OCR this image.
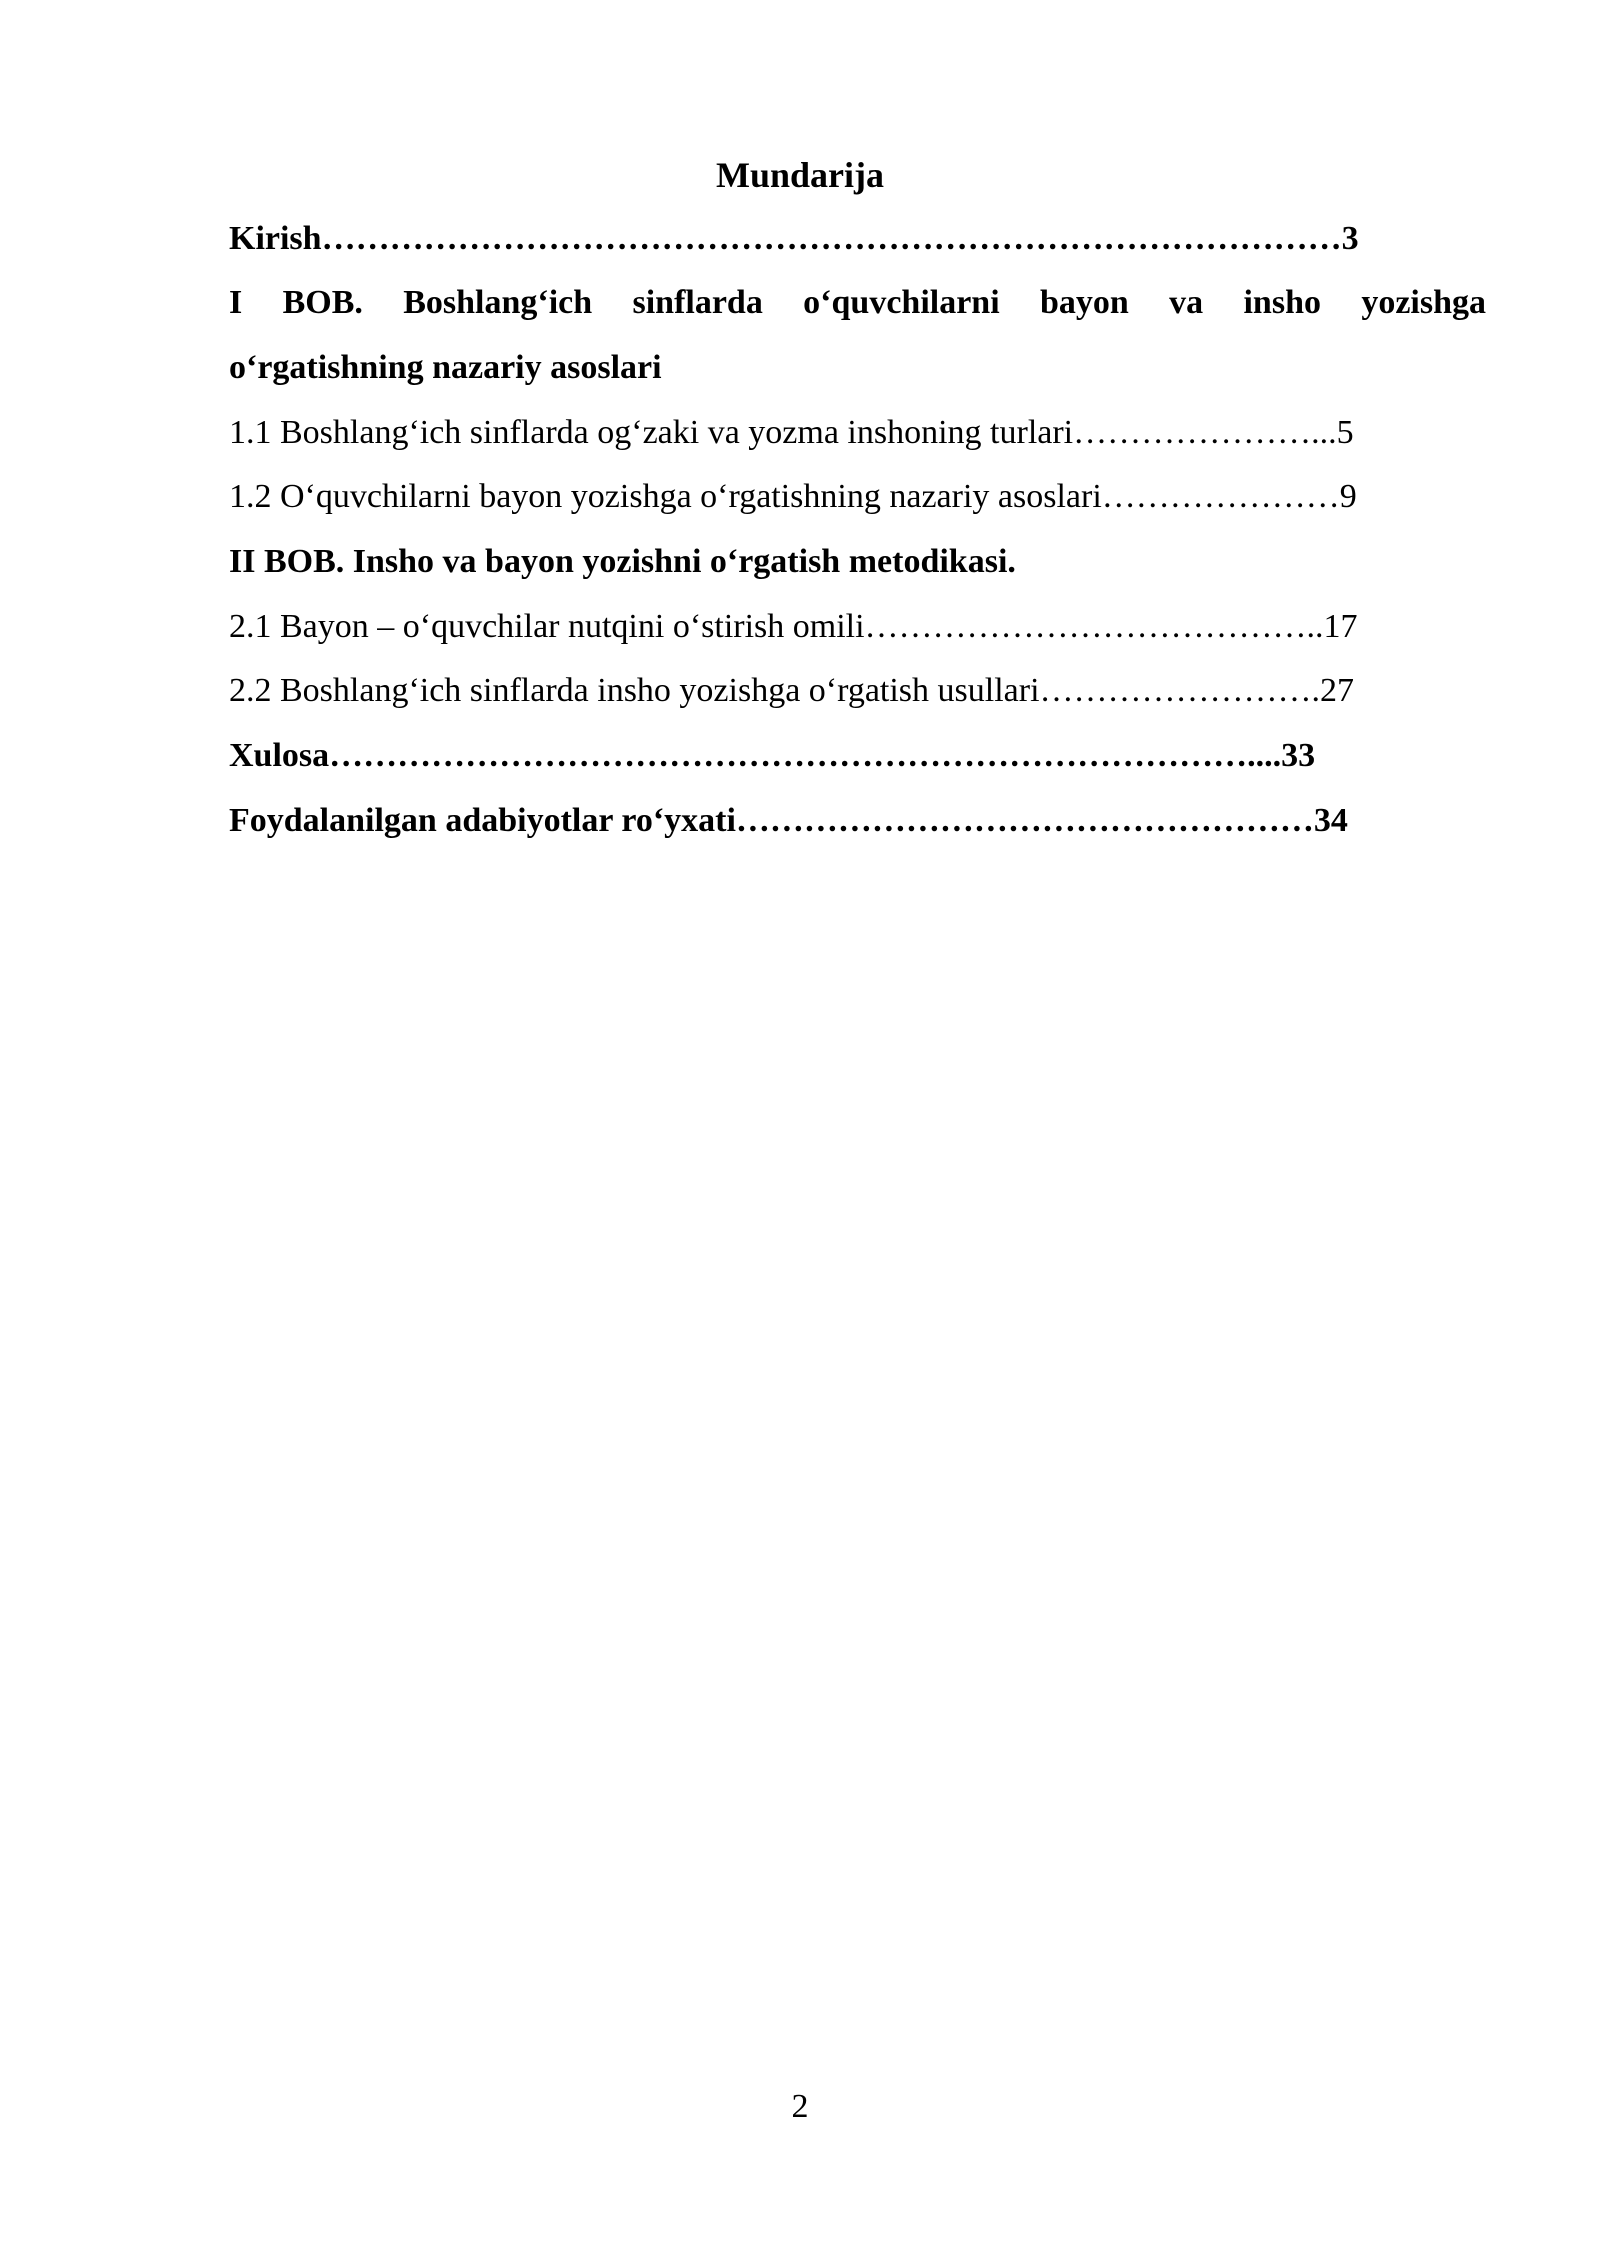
Mundarija
Kirish………………………………………………………………………………3
I BOB. Boshlang‘ich sinflarda o‘quvchilarni bayon va insho yozishga
o‘rgatishning nazariy asoslari
1.1 Boshlang‘ich sinflarda og‘zaki va yozma inshoning turlari…………………...5
1.2 O‘quvchilarni bayon yozishga o‘rgatishning nazariy asoslari…………………9
II BOB. Insho va bayon yozishni o‘rgatish metodikasi.
2.1 Bayon – o‘quvchilar nutqini o‘stirish omili…………………………………..17
2.2 Boshlang‘ich sinflarda insho yozishga o‘rgatish usullari…………………….27
Xulosa………………………………………………………………………....33
Foydalanilgan adabiyotlar ro‘yxati……………………………………………34
2
